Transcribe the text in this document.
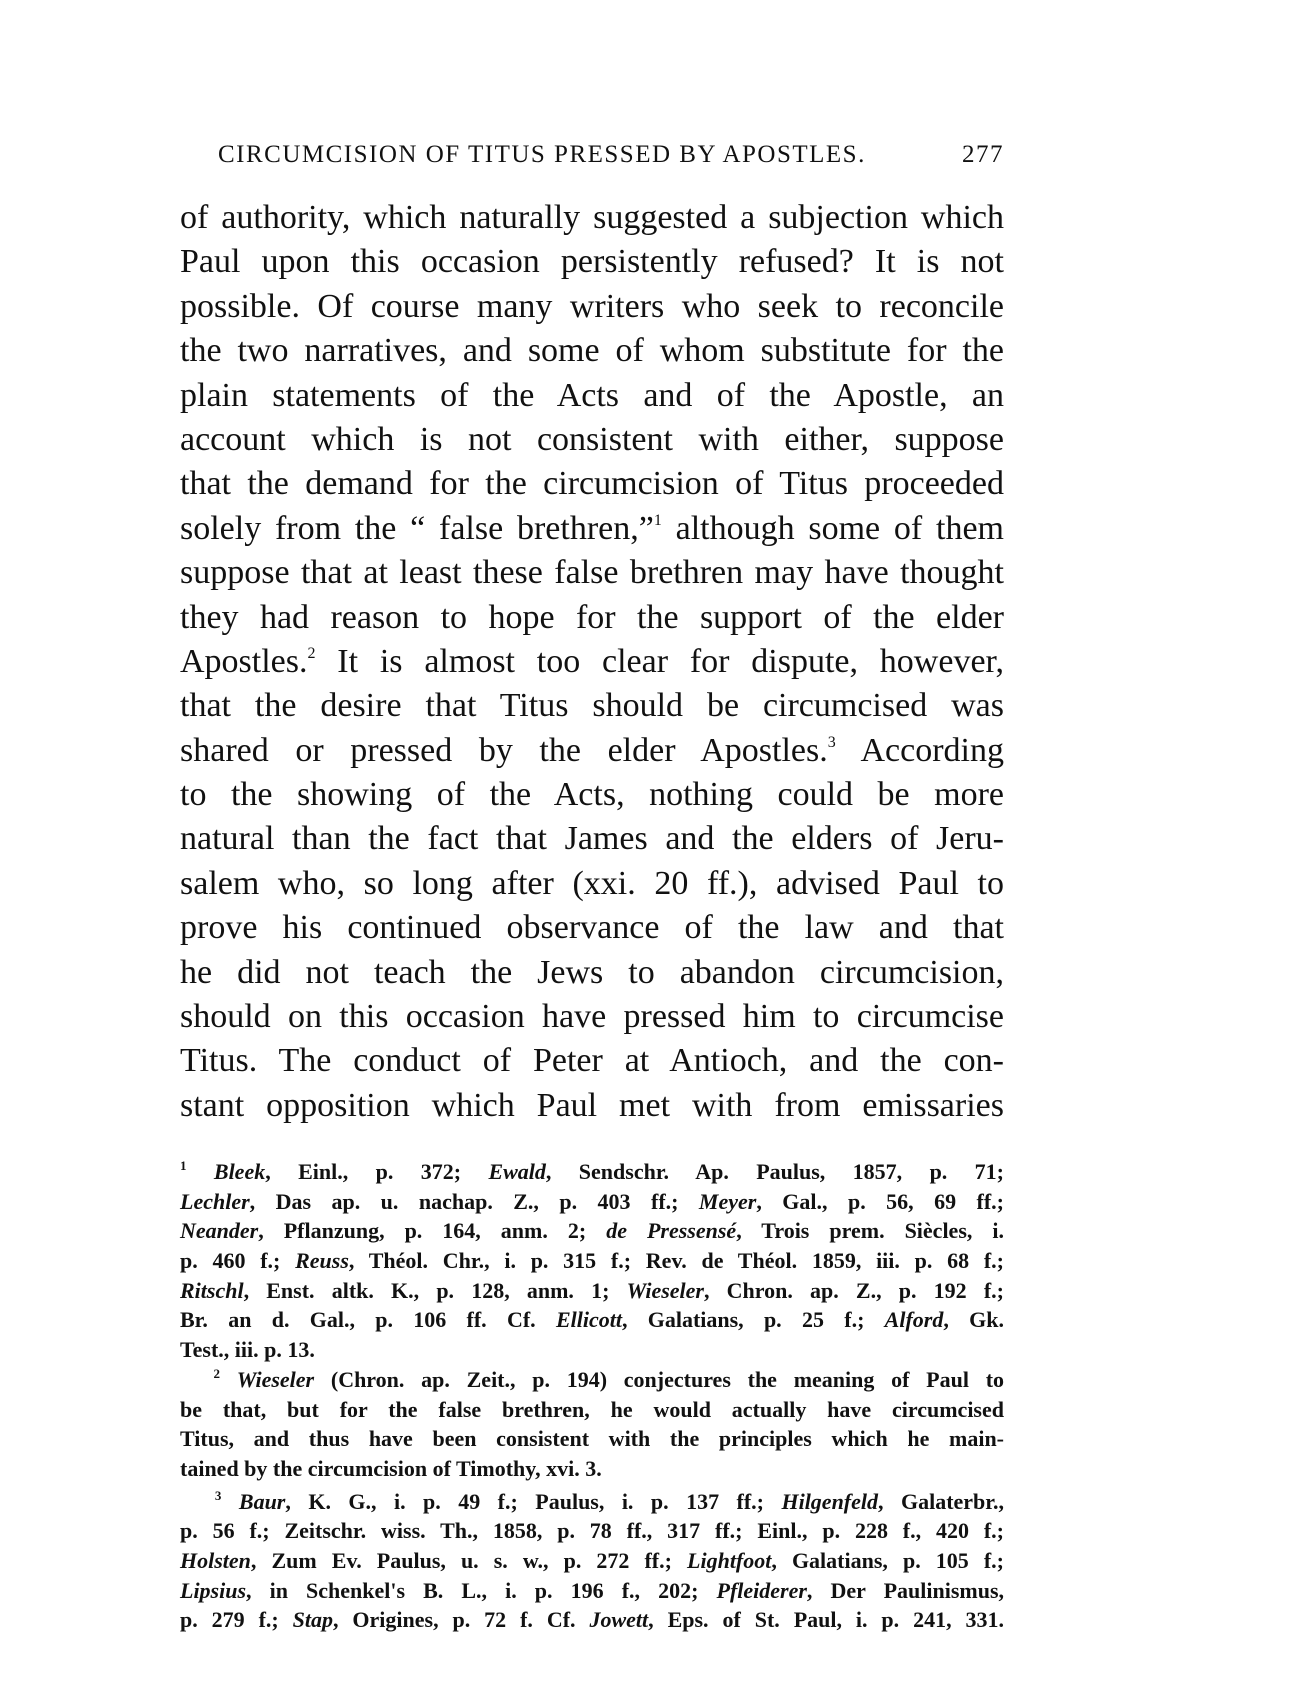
CIRCUMCISION OF TITUS PRESSED BY APOSTLES.	277
of authority, which naturally suggested a subjection which
Paul upon this occasion persistently refused? It is not
possible. Of course many writers who seek to reconcile
the two narratives, and some of whom substitute for the
plain statements of the Acts and of the Apostle, an
account which is not consistent with either, suppose
that the demand for the circumcision of Titus proceeded
solely from the “ false brethren,”$^1$ although some of them
suppose that at least these false brethren may have thought
they had reason to hope for the support of the elder
Apostles.$^2$ It is almost too clear for dispute, however,
that the desire that Titus should be circumcised was
shared or pressed by the elder Apostles.$^3$ According
to the showing of the Acts, nothing could be more
natural than the fact that James and the elders of Jeru-
salem who, so long after (xxi. 20 ff.), advised Paul to
prove his continued observance of the law and that
he did not teach the Jews to abandon circumcision,
should on this occasion have pressed him to circumcise
Titus. The conduct of Peter at Antioch, and the con-
stant opposition which Paul met with from emissaries
$^1$ Bleek, Einl., p. 372; Ewald, Sendschr. Ap. Paulus, 1857, p. 71;
Lechler, Das ap. u. nachap. Z., p. 403 ff.; Meyer, Gal., p. 56, 69 ff.;
Neander, Pflanzung, p. 164, anm. 2; de Pressensé, Trois prem. Siècles, i.
p. 460 f.; Reuss, Théol. Chr., i. p. 315 f.; Rev. de Théol. 1859, iii. p. 68 f.;
Ritschl, Enst. altk. K., p. 128, anm. 1; Wieseler, Chron. ap. Z., p. 192 f.;
Br. an d. Gal., p. 106 ff. Cf. Ellicott, Galatians, p. 25 f.; Alford, Gk.
Test., iii. p. 13.
$^2$ Wieseler (Chron. ap. Zeit., p. 194) conjectures the meaning of Paul to
be that, but for the false brethren, he would actually have circumcised
Titus, and thus have been consistent with the principles which he main-
tained by the circumcision of Timothy, xvi. 3.
$^3$ Baur, K. G., i. p. 49 f.; Paulus, i. p. 137 ff.; Hilgenfeld, Galaterbr.,
p. 56 f.; Zeitschr. wiss. Th., 1858, p. 78 ff., 317 ff.; Einl., p. 228 f., 420 f.;
Holsten, Zum Ev. Paulus, u. s. w., p. 272 ff.; Lightfoot, Galatians, p. 105 f.;
Lipsius, in Schenkel's B. L., i. p. 196 f., 202; Pfleiderer, Der Paulinismus,
p. 279 f.; Stap, Origines, p. 72 f. Cf. Jowett, Eps. of St. Paul, i. p. 241, 331.
